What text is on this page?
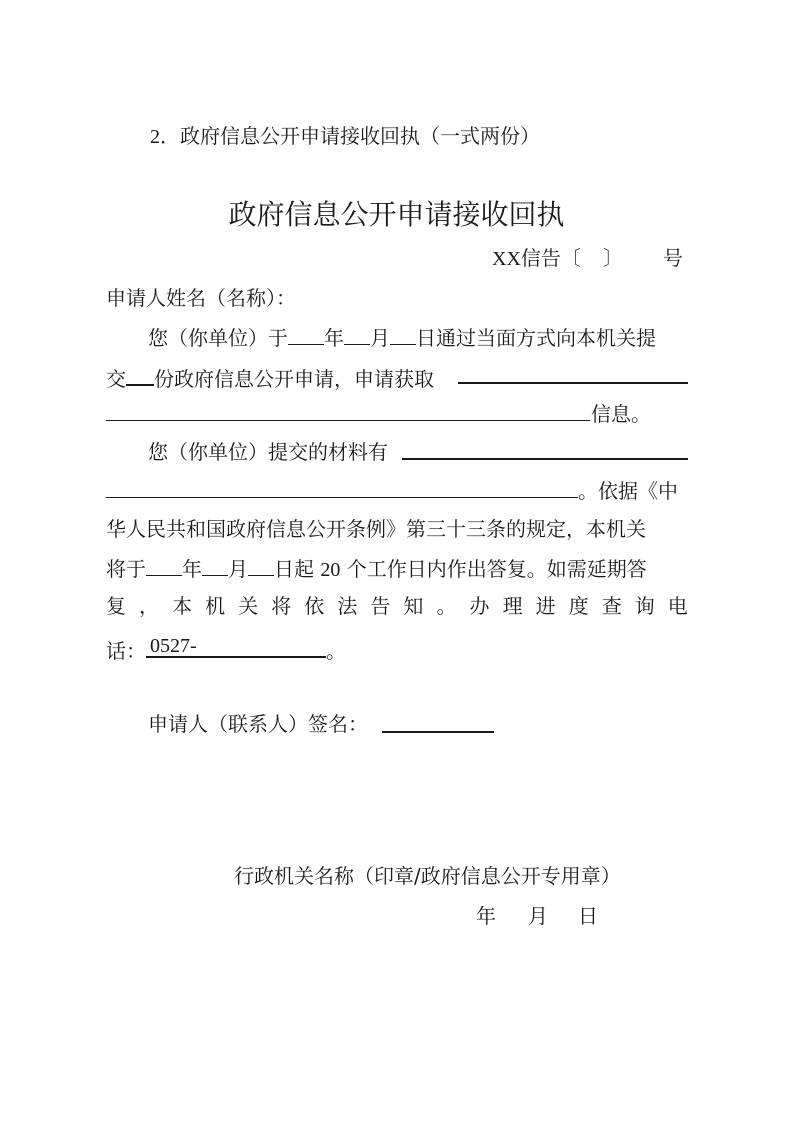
2．政府信息公开申请接收回执（一式两份）
政府信息公开申请接收回执
XX信告〔 〕 号
申请人姓名（名称）：
您（你单位）于 年 月 日通过当面方式向本机关提
交 份政府信息公开申请，申请获取
信息。
您（你单位）提交的材料有
。依据《中
华人民共和国政府信息公开条例》第三十三条的规定，本机关
将于 年 月 日起 20 个工作日内作出答复。如需延期答
复 ， 本 机 关 将 依 法 告 知 。 办 理 进 度 查 询 电
话： 0527-	。
申请人（联系人）签名：
行政机关名称（印章/政府信息公开专用章）
年 月 日
